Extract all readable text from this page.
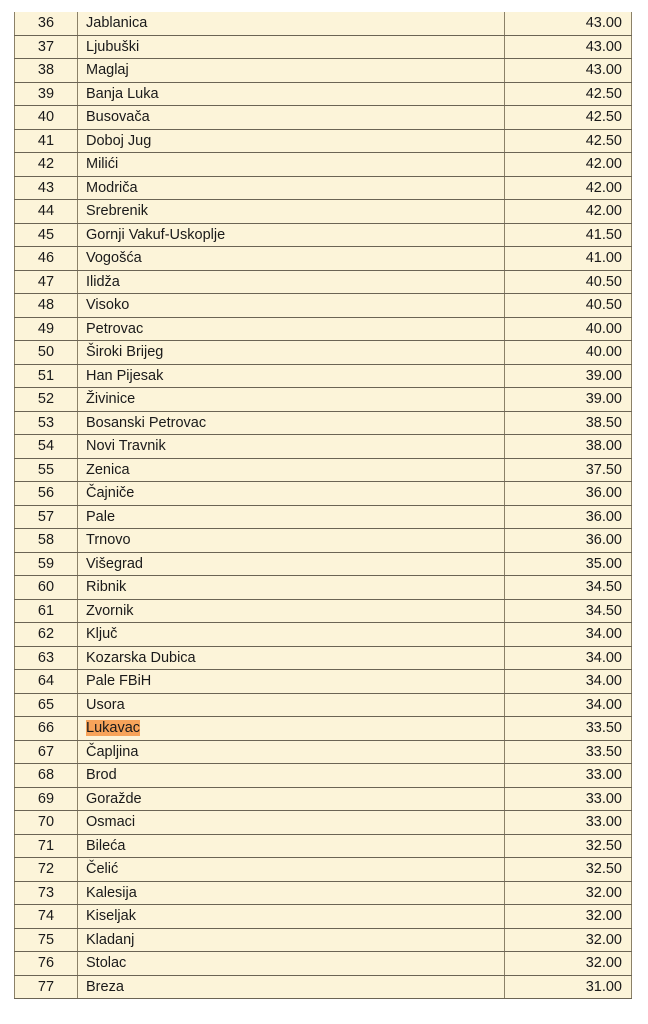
36	Jablanica	43.00
37	Ljubuški	43.00
38	Maglaj	43.00
39	Banja Luka	42.50
40	Busovača	42.50
41	Doboj Jug	42.50
42	Milići	42.00
43	Modriča	42.00
44	Srebrenik	42.00
45	Gornji Vakuf-Uskoplje	41.50
46	Vogošća	41.00
47	Ilidža	40.50
48	Visoko	40.50
49	Petrovac	40.00
50	Široki Brijeg	40.00
51	Han Pijesak	39.00
52	Živinice	39.00
53	Bosanski Petrovac	38.50
54	Novi Travnik	38.00
55	Zenica	37.50
56	Čajniče	36.00
57	Pale	36.00
58	Trnovo	36.00
59	Višegrad	35.00
60	Ribnik	34.50
61	Zvornik	34.50
62	Ključ	34.00
63	Kozarska Dubica	34.00
64	Pale FBiH	34.00
65	Usora	34.00
66	Lukavac	33.50
67	Čapljina	33.50
68	Brod	33.00
69	Goražde	33.00
70	Osmaci	33.00
71	Bileća	32.50
72	Čelić	32.50
73	Kalesija	32.00
74	Kiseljak	32.00
75	Kladanj	32.00
76	Stolac	32.00
77	Breza	31.00
